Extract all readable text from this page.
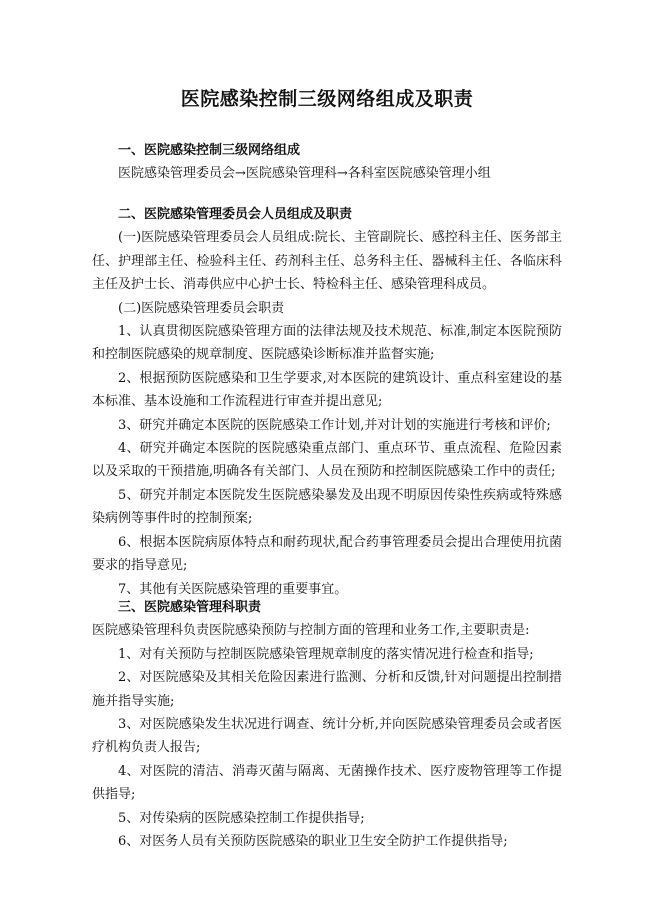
医院感染控制三级网络组成及职责
一、医院感染控制三级网络组成
医院感染管理委员会→医院感染管理科→各科室医院感染管理小组
二、医院感染管理委员会人员组成及职责
(一)医院感染管理委员会人员组成:院长、主管副院长、感控科主任、医务部主任、护理部主任、检验科主任、药剂科主任、总务科主任、器械科主任、各临床科主任及护士长、消毒供应中心护士长、特检科主任、感染管理科成员。
(二)医院感染管理委员会职责
1、认真贯彻医院感染管理方面的法律法规及技术规范、标准,制定本医院预防和控制医院感染的规章制度、医院感染诊断标准并监督实施;
2、根据预防医院感染和卫生学要求,对本医院的建筑设计、重点科室建设的基本标准、基本设施和工作流程进行审查并提出意见;
3、研究并确定本医院的医院感染工作计划,并对计划的实施进行考核和评价;
4、研究并确定本医院的医院感染重点部门、重点环节、重点流程、危险因素以及采取的干预措施,明确各有关部门、人员在预防和控制医院感染工作中的责任;
5、研究并制定本医院发生医院感染暴发及出现不明原因传染性疾病或特殊感染病例等事件时的控制预案;
6、根据本医院病原体特点和耐药现状,配合药事管理委员会提出合理使用抗菌要求的指导意见;
7、其他有关医院感染管理的重要事宜。
三、医院感染管理科职责
医院感染管理科负责医院感染预防与控制方面的管理和业务工作,主要职责是:
1、对有关预防与控制医院感染管理规章制度的落实情况进行检查和指导;
2、对医院感染及其相关危险因素进行监测、分析和反馈,针对问题提出控制措施并指导实施;
3、对医院感染发生状况进行调查、统计分析,并向医院感染管理委员会或者医疗机构负责人报告;
4、对医院的清洁、消毒灭菌与隔离、无菌操作技术、医疗废物管理等工作提供指导;
5、对传染病的医院感染控制工作提供指导;
6、对医务人员有关预防医院感染的职业卫生安全防护工作提供指导;
